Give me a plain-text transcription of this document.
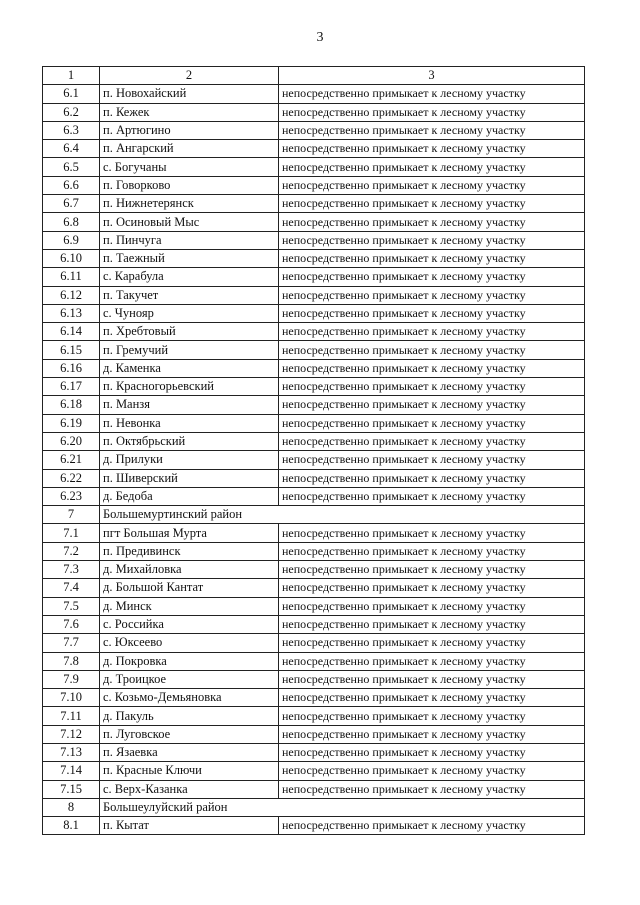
3
1	2	3
6.1	п. Новохайский	непосредственно примыкает к лесному участку
6.2	п. Кежек	непосредственно примыкает к лесному участку
6.3	п. Артюгино	непосредственно примыкает к лесному участку
6.4	п. Ангарский	непосредственно примыкает к лесному участку
6.5	с. Богучаны	непосредственно примыкает к лесному участку
6.6	п. Говорково	непосредственно примыкает к лесному участку
6.7	п. Нижнетерянск	непосредственно примыкает к лесному участку
6.8	п. Осиновый Мыс	непосредственно примыкает к лесному участку
6.9	п. Пинчуга	непосредственно примыкает к лесному участку
6.10	п. Таежный	непосредственно примыкает к лесному участку
6.11	с. Карабула	непосредственно примыкает к лесному участку
6.12	п. Такучет	непосредственно примыкает к лесному участку
6.13	с. Чунояр	непосредственно примыкает к лесному участку
6.14	п. Хребтовый	непосредственно примыкает к лесному участку
6.15	п. Гремучий	непосредственно примыкает к лесному участку
6.16	д. Каменка	непосредственно примыкает к лесному участку
6.17	п. Красногорьевский	непосредственно примыкает к лесному участку
6.18	п. Манзя	непосредственно примыкает к лесному участку
6.19	п. Невонка	непосредственно примыкает к лесному участку
6.20	п. Октябрьский	непосредственно примыкает к лесному участку
6.21	д. Прилуки	непосредственно примыкает к лесному участку
6.22	п. Шиверский	непосредственно примыкает к лесному участку
6.23	д. Бедоба	непосредственно примыкает к лесному участку
7	Большемуртинский район	
7.1	пгт Большая Мурта	непосредственно примыкает к лесному участку
7.2	п. Предивинск	непосредственно примыкает к лесному участку
7.3	д. Михайловка	непосредственно примыкает к лесному участку
7.4	д. Большой Кантат	непосредственно примыкает к лесному участку
7.5	д. Минск	непосредственно примыкает к лесному участку
7.6	с. Российка	непосредственно примыкает к лесному участку
7.7	с. Юксеево	непосредственно примыкает к лесному участку
7.8	д. Покровка	непосредственно примыкает к лесному участку
7.9	д. Троицкое	непосредственно примыкает к лесному участку
7.10	с. Козьмо-Демьяновка	непосредственно примыкает к лесному участку
7.11	д. Пакуль	непосредственно примыкает к лесному участку
7.12	п. Луговское	непосредственно примыкает к лесному участку
7.13	п. Язаевка	непосредственно примыкает к лесному участку
7.14	п. Красные Ключи	непосредственно примыкает к лесному участку
7.15	с. Верх-Казанка	непосредственно примыкает к лесному участку
8	Большеулуйский район	
8.1	п. Кытат	непосредственно примыкает к лесному участку
